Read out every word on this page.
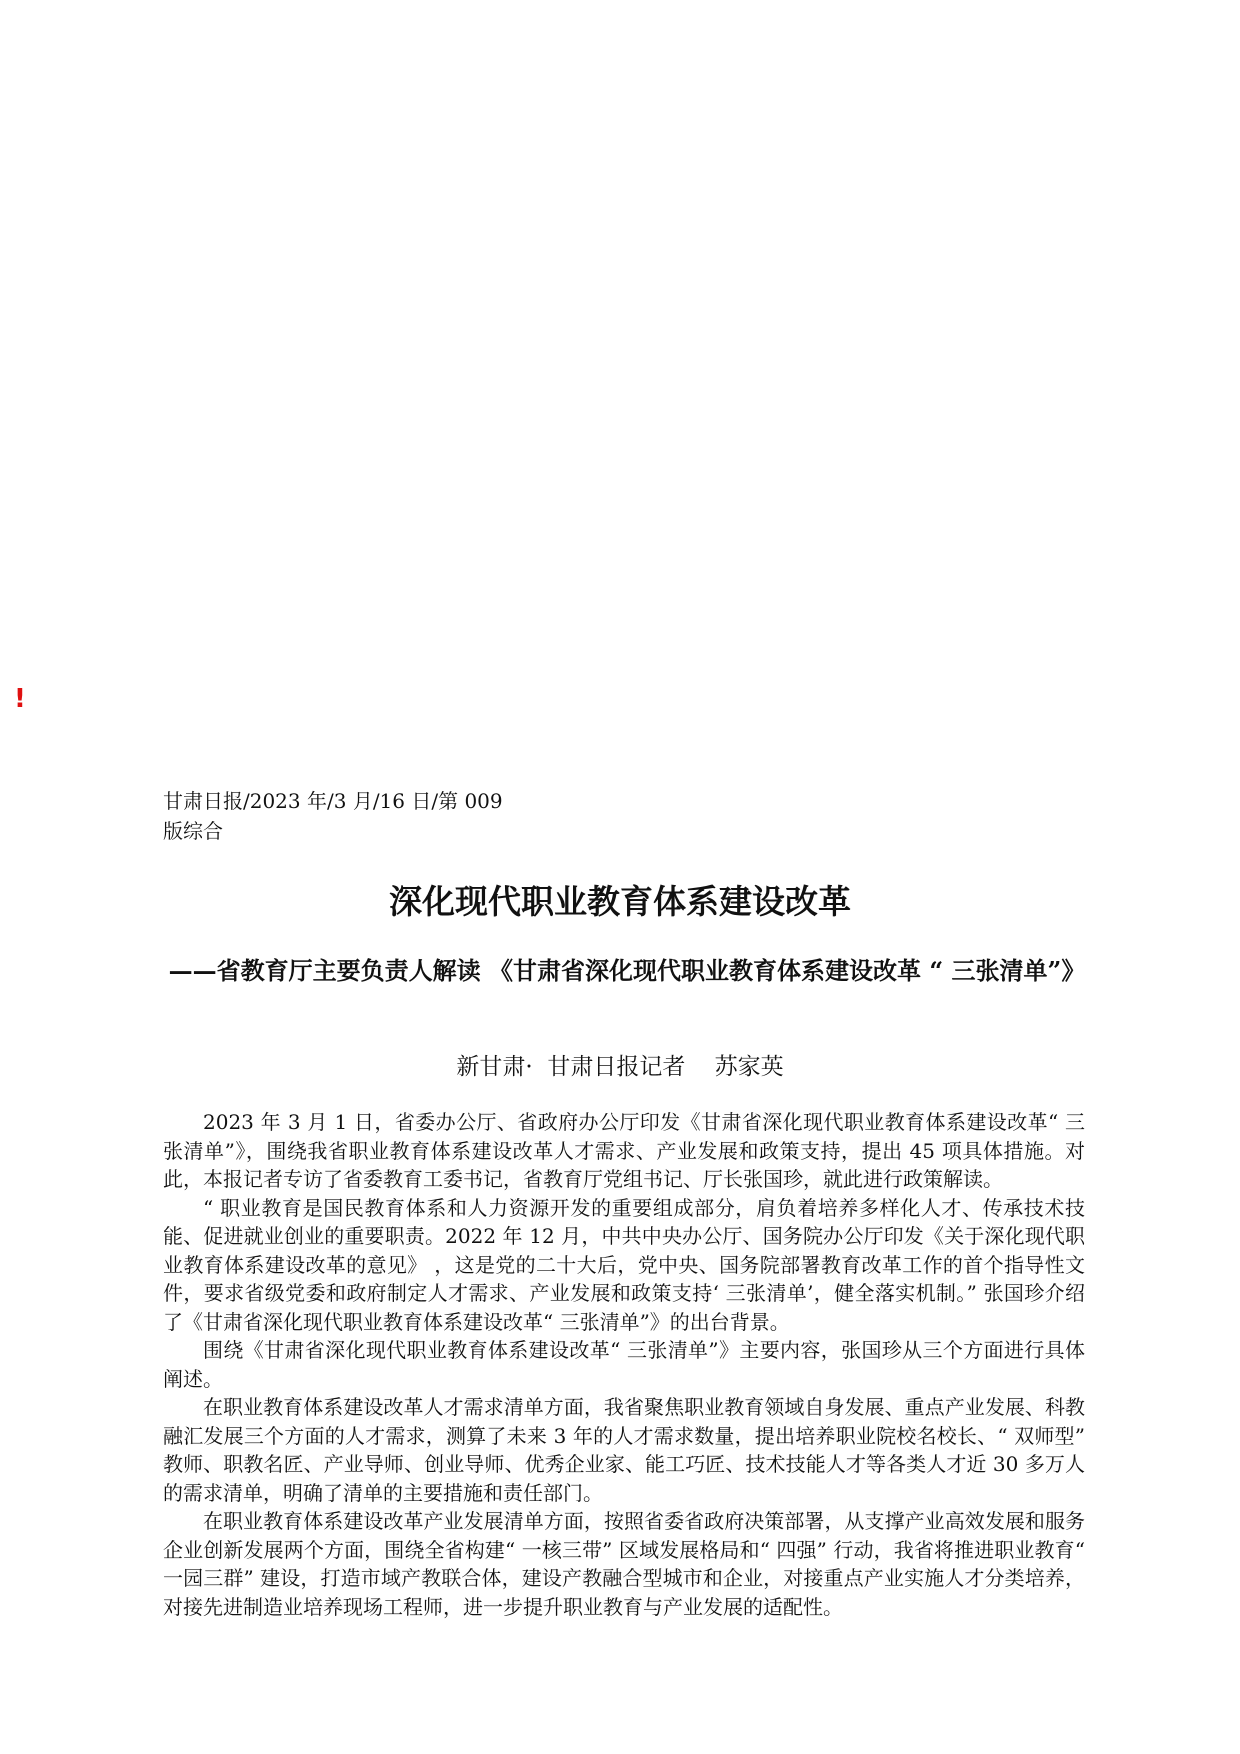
!
甘肃日报/2023 年/3 月/16 日/第 009 版综合
深化现代职业教育体系建设改革
——省教育厅主要负责人解读 《甘肃省深化现代职业教育体系建设改革 “ 三张清单”》
新甘肃·  甘肃日报记者    苏家英

2023 年 3 月 1 日，省委办公厅、省政府办公厅印发《甘肃省深化现代职业教育体系建设改革“ 三张清单”》，围绕我省职业教育体系建设改革人才需求、产业发展和政策支持，提出 45 项具体措施。对此，本报记者专访了省委教育工委书记，省教育厅党组书记、厅长张国珍，就此进行政策解读。

“ 职业教育是国民教育体系和人力资源开发的重要组成部分，肩负着培养多样化人才、传承技术技能、促进就业创业的重要职责。2022 年 12 月，中共中央办公厅、国务院办公厅印发《关于深化现代职业教育体系建设改革的意见》 ，这是党的二十大后，党中央、国务院部署教育改革工作的首个指导性文件，要求省级党委和政府制定人才需求、产业发展和政策支持‘ 三张清单’，健全落实机制。” 张国珍介绍了《甘肃省深化现代职业教育体系建设改革“ 三张清单”》的出台背景。

围绕《甘肃省深化现代职业教育体系建设改革“ 三张清单”》主要内容，张国珍从三个方面进行具体阐述。

在职业教育体系建设改革人才需求清单方面，我省聚焦职业教育领域自身发展、重点产业发展、科教融汇发展三个方面的人才需求，测算了未来 3 年的人才需求数量，提出培养职业院校名校长、“ 双师型” 教师、职教名匠、产业导师、创业导师、优秀企业家、能工巧匠、技术技能人才等各类人才近 30 多万人的需求清单，明确了清单的主要措施和责任部门。

在职业教育体系建设改革产业发展清单方面，按照省委省政府决策部署，从支撑产业高效发展和服务企业创新发展两个方面，围绕全省构建“ 一核三带” 区域发展格局和“ 四强” 行动，我省将推进职业教育“ 一园三群” 建设，打造市域产教联合体，建设产教融合型城市和企业，对接重点产业实施人才分类培养，对接先进制造业培养现场工程师，进一步提升职业教育与产业发展的适配性。
